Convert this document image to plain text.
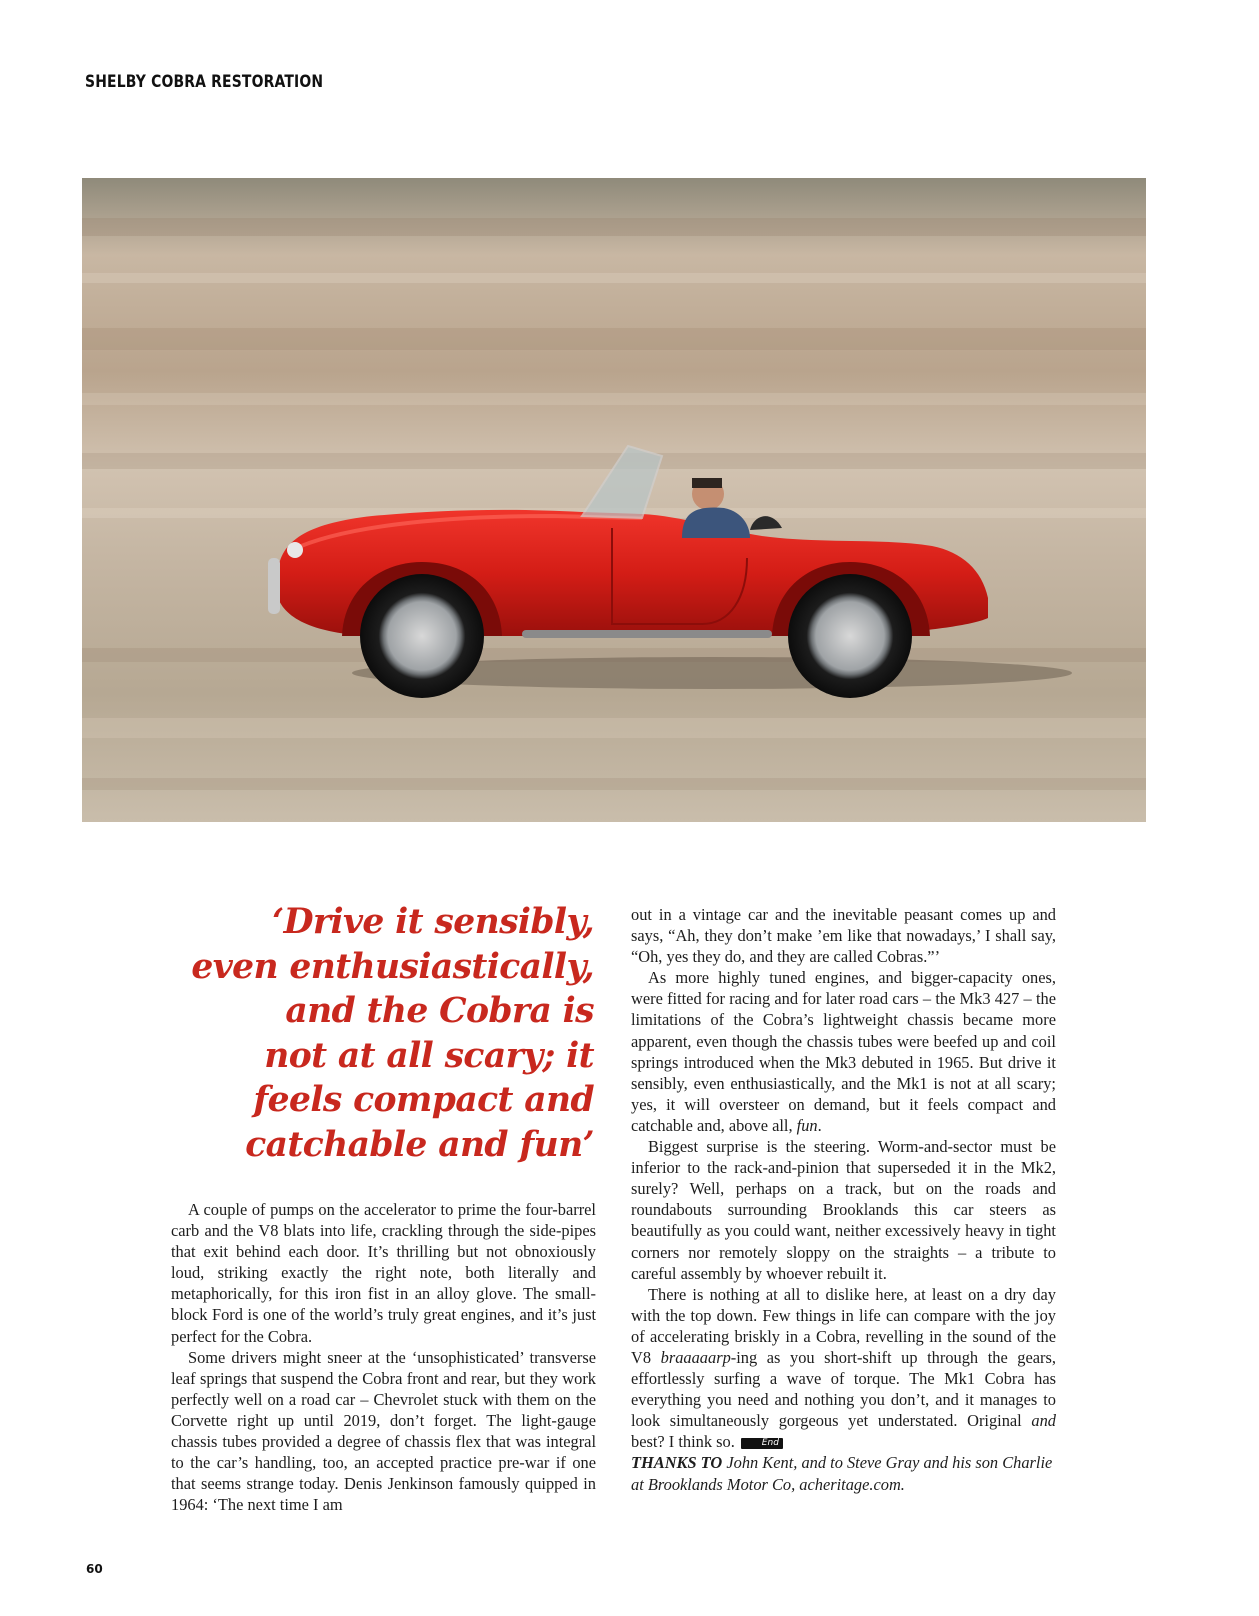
SHELBY COBRA RESTORATION
‘Drive it sensibly,
even enthusiastically,
and the Cobra is
not at all scary; it
feels compact and
catchable and fun’

A couple of pumps on the accelerator to prime the four-barrel carb and the V8 blats into life, crackling through the side-pipes that exit behind each door. It’s thrilling but not obnoxiously loud, striking exactly the right note, both literally and metaphorically, for this iron fist in an alloy glove. The small-block Ford is one of the world’s truly great engines, and it’s just perfect for the Cobra.

Some drivers might sneer at the ‘unsophisticated’ transverse leaf springs that suspend the Cobra front and rear, but they work perfectly well on a road car – Chevrolet stuck with them on the Corvette right up until 2019, don’t forget. The light-gauge chassis tubes provided a degree of chassis flex that was integral to the car’s handling, too, an accepted practice pre-war if one that seems strange today. Denis Jenkinson famously quipped in 1964: ‘The next time I am

out in a vintage car and the inevitable peasant comes up and says, “Ah, they don’t make ’em like that nowadays,’ I shall say, “Oh, yes they do, and they are called Cobras.”’

As more highly tuned engines, and bigger-capacity ones, were fitted for racing and for later road cars – the Mk3 427 – the limitations of the Cobra’s lightweight chassis became more apparent, even though the chassis tubes were beefed up and coil springs introduced when the Mk3 debuted in 1965. But drive it sensibly, even enthusiastically, and the Mk1 is not at all scary; yes, it will oversteer on demand, but it feels compact and catchable and, above all, fun.

Biggest surprise is the steering. Worm-and-sector must be inferior to the rack-and-pinion that superseded it in the Mk2, surely? Well, perhaps on a track, but on the roads and roundabouts surrounding Brooklands this car steers as beautifully as you could want, neither excessively heavy in tight corners nor remotely sloppy on the straights – a tribute to careful assembly by whoever rebuilt it.

There is nothing at all to dislike here, at least on a dry day with the top down. Few things in life can compare with the joy of accelerating briskly in a Cobra, revelling in the sound of the V8 braaaaarp-ing as you short-shift up through the gears, effortlessly surfing a wave of torque. The Mk1 Cobra has everything you need and nothing you don’t, and it manages to look simultaneously gorgeous yet understated. Original and best? I think so.	End

THANKS TO John Kent, and to Steve Gray and his son Charlie at Brooklands Motor Co, acheritage.com.

60
